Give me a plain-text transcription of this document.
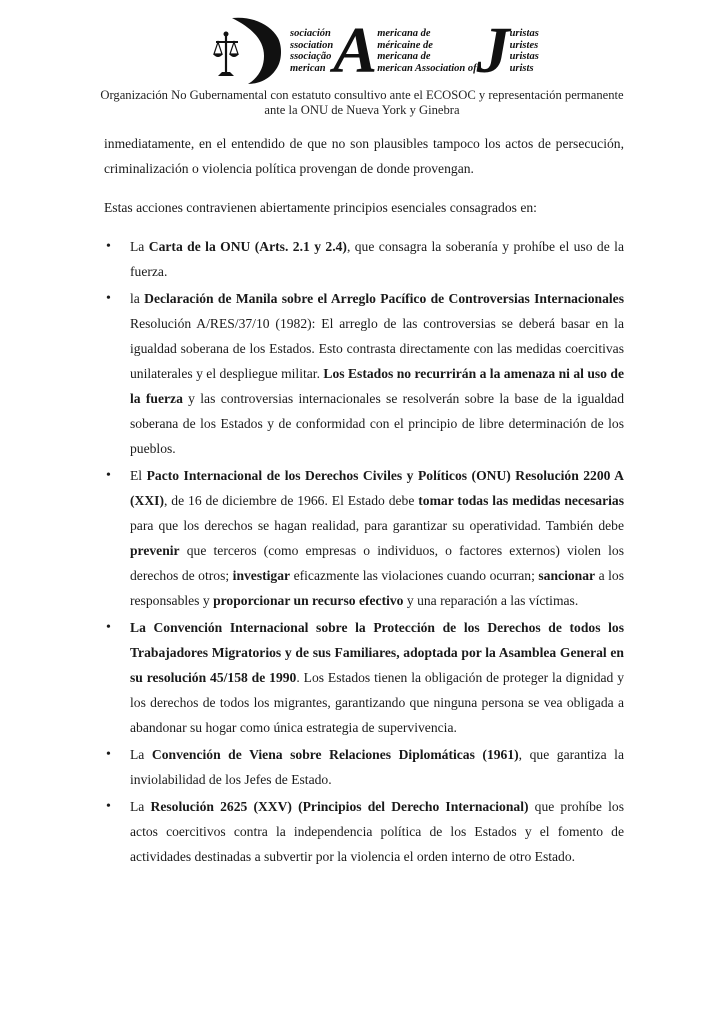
sociación
ssociation
ssociação
merican A mericana de
méricaine de
mericana de
merican Association of J uristas
uristes
uristas
urists
Organización No Gubernamental con estatuto consultivo ante el ECOSOC y representación permanente
ante la ONU de Nueva York y Ginebra

inmediatamente, en el entendido de que no son plausibles tampoco los actos de persecución, criminalización o violencia política provengan de donde provengan.

Estas acciones contravienen abiertamente principios esenciales consagrados en:

• La Carta de la ONU (Arts. 2.1 y 2.4), que consagra la soberanía y prohíbe el uso de la fuerza.
• la Declaración de Manila sobre el Arreglo Pacífico de Controversias Internacionales Resolución A/RES/37/10 (1982): El arreglo de las controversias se deberá basar en la igualdad soberana de los Estados. Esto contrasta directamente con las medidas coercitivas unilaterales y el despliegue militar. Los Estados no recurrirán a la amenaza ni al uso de la fuerza y las controversias internacionales se resolverán sobre la base de la igualdad soberana de los Estados y de conformidad con el principio de libre determinación de los pueblos.
• El Pacto Internacional de los Derechos Civiles y Políticos (ONU) Resolución 2200 A (XXI), de 16 de diciembre de 1966. El Estado debe tomar todas las medidas necesarias para que los derechos se hagan realidad, para garantizar su operatividad. También debe prevenir que terceros (como empresas o individuos, o factores externos) violen los derechos de otros; investigar eficazmente las violaciones cuando ocurran; sancionar a los responsables y proporcionar un recurso efectivo y una reparación a las víctimas.
• La Convención Internacional sobre la Protección de los Derechos de todos los Trabajadores Migratorios y de sus Familiares, adoptada por la Asamblea General en su resolución 45/158 de 1990. Los Estados tienen la obligación de proteger la dignidad y los derechos de todos los migrantes, garantizando que ninguna persona se vea obligada a abandonar su hogar como única estrategia de supervivencia.
• La Convención de Viena sobre Relaciones Diplomáticas (1961), que garantiza la inviolabilidad de los Jefes de Estado.
• La Resolución 2625 (XXV) (Principios del Derecho Internacional) que prohíbe los actos coercitivos contra la independencia política de los Estados y el fomento de actividades destinadas a subvertir por la violencia el orden interno de otro Estado.
